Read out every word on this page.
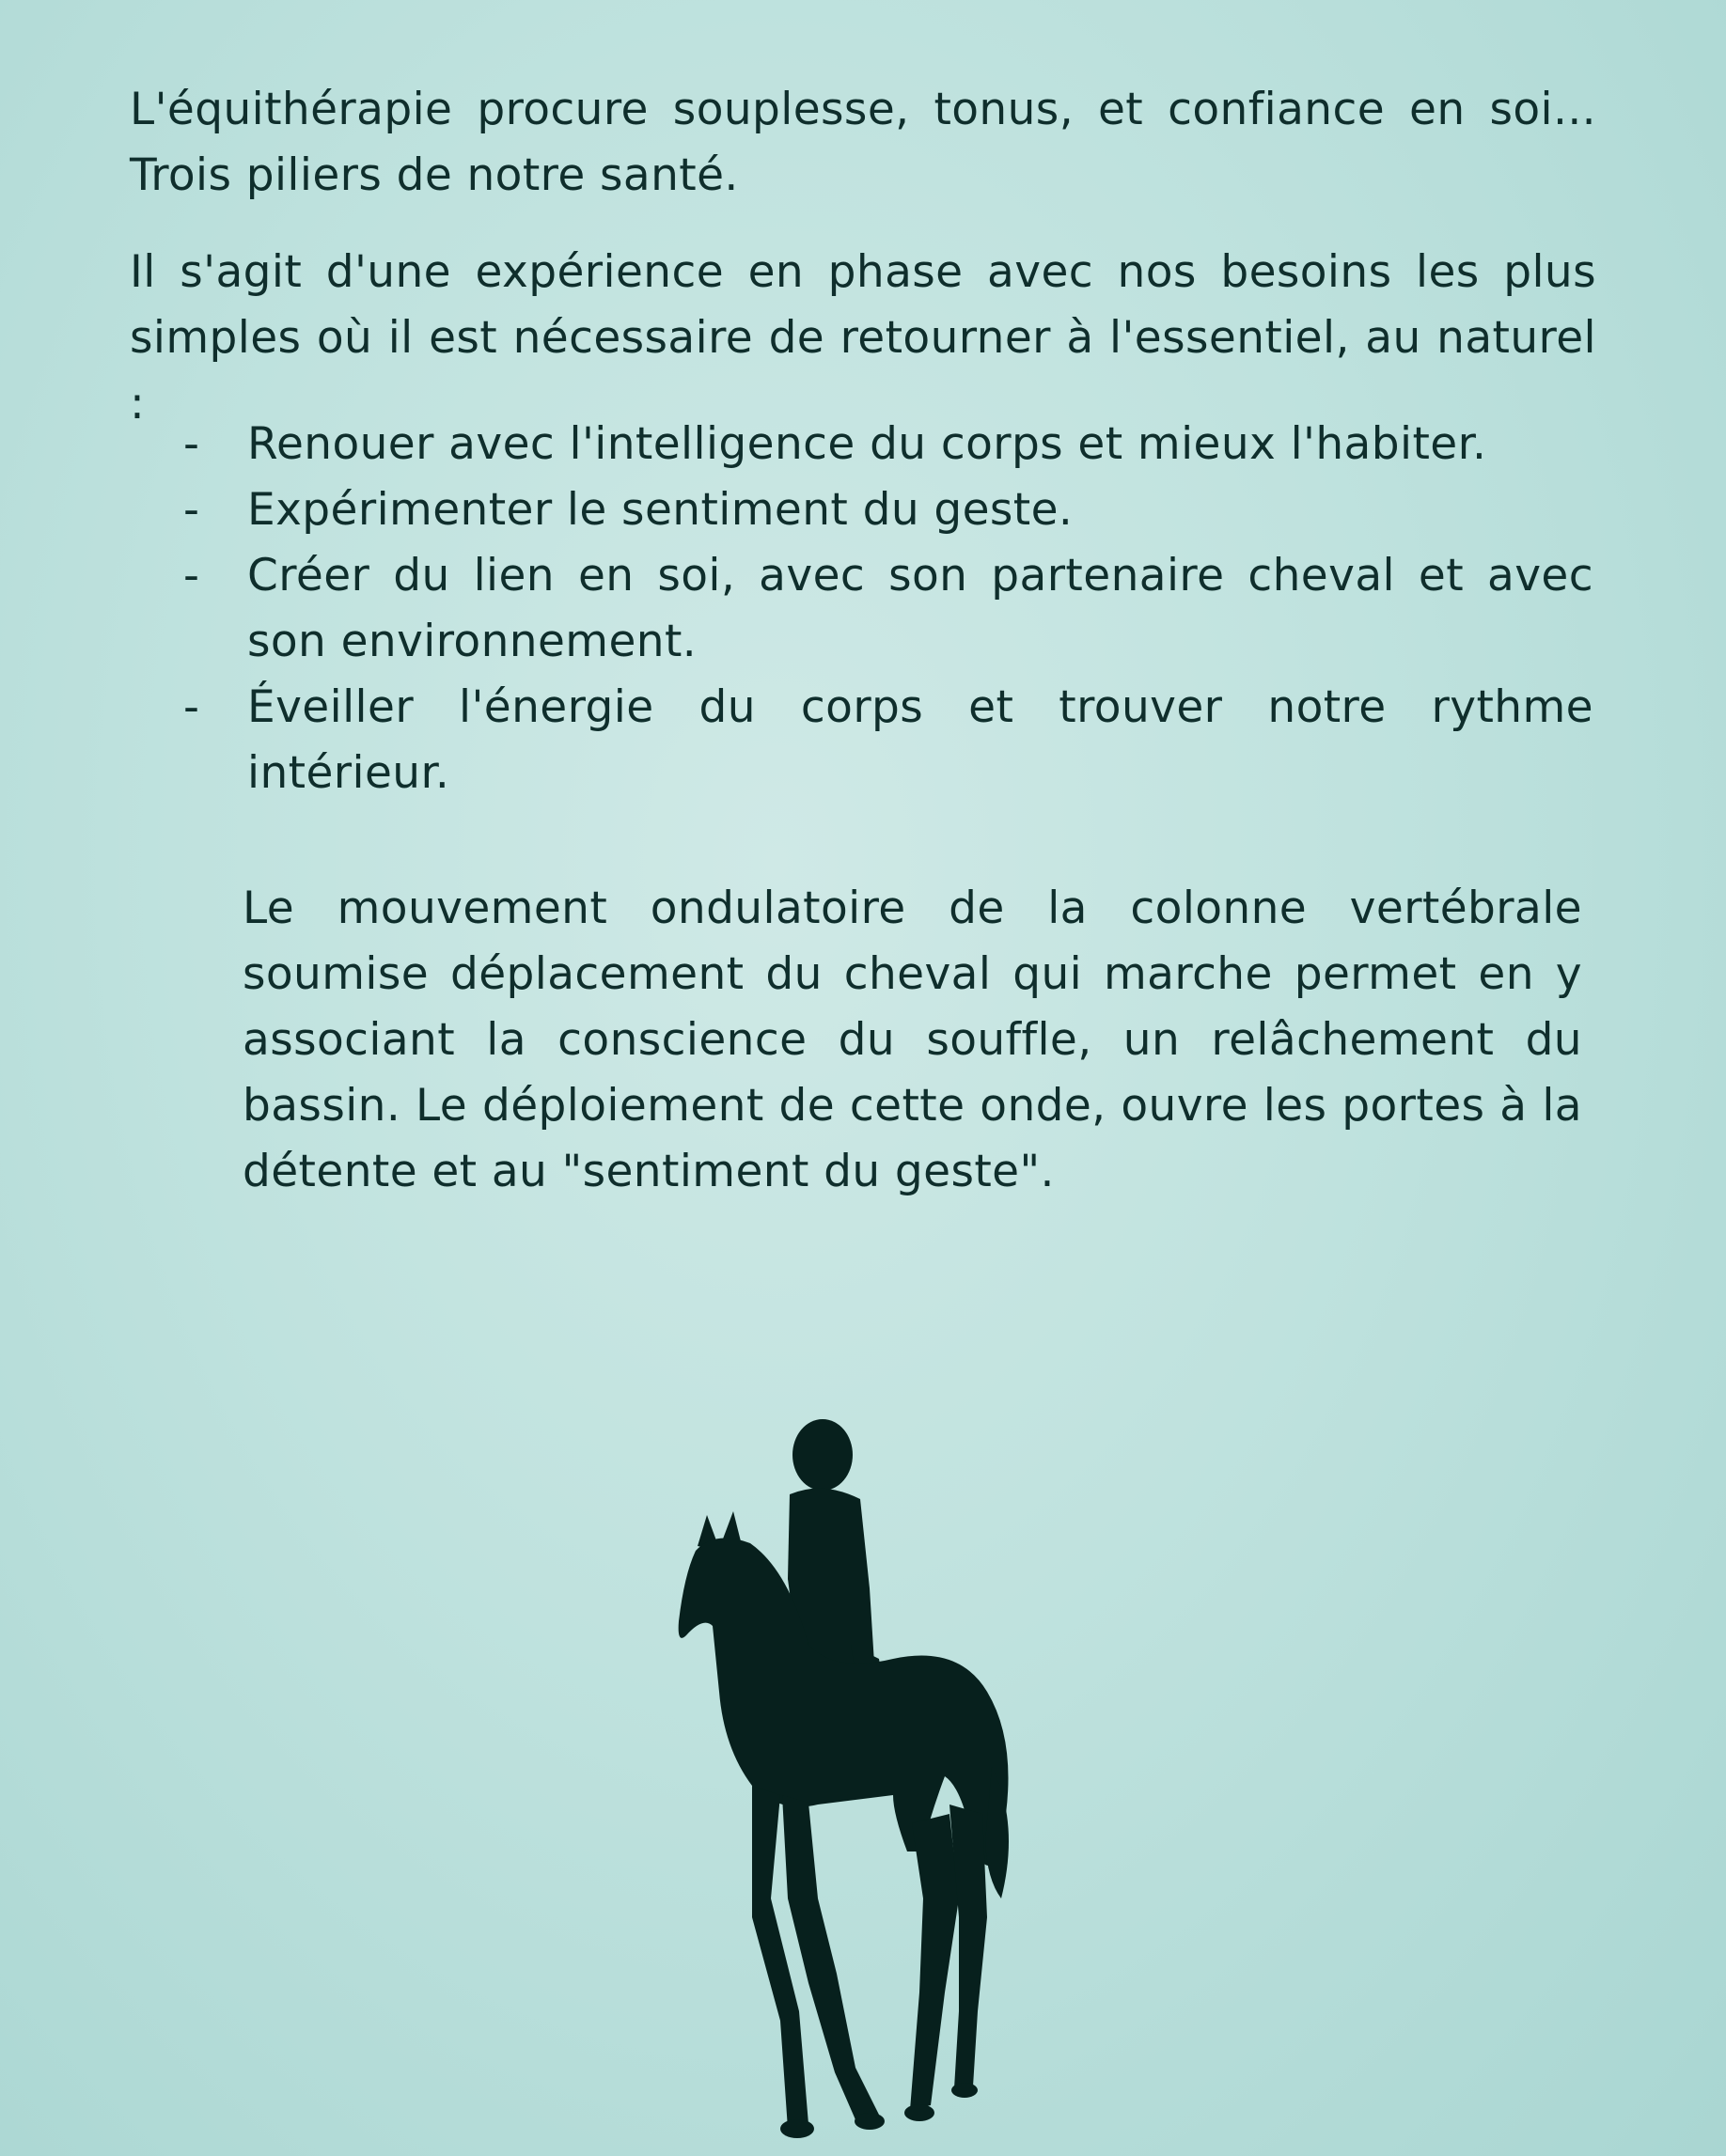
L'équithérapie procure souplesse, tonus, et confiance en soi... Trois piliers de notre santé.

Il s'agit d'une expérience en phase avec nos besoins les plus simples où il est nécessaire de retourner à l'essentiel, au naturel :

- Renouer avec l'intelligence du corps et mieux l'habiter.
- Expérimenter le sentiment du geste.
- Créer du lien en soi, avec son partenaire cheval et avec son environnement.
- Éveiller l'énergie du corps et trouver notre rythme intérieur.

Le mouvement ondulatoire de la colonne vertébrale soumise déplacement du cheval qui marche permet en y associant la conscience du souffle, un relâchement du bassin. Le déploiement de cette onde, ouvre les portes à la détente et au "sentiment du geste".
